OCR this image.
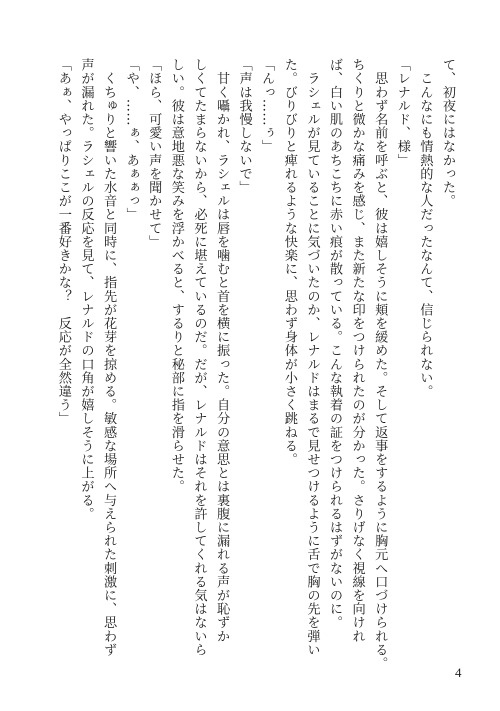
て、初夜にはなかった。
　こんなにも情熱的な人だったなんて、信じられない。
「レナルド、様」
　思わず名前を呼ぶと、彼は嬉しそうに頬を緩めた。そして返事をするように胸元へ口づけられる。
ちくりと微かな痛みを感じ、また新たな印をつけられたのが分かった。さりげなく視線を向けれ
ば、白い肌のあちこちに赤い痕が散っている。こんな執着の証をつけられるはずがないのに。
　ラシェルが見ていることに気づいたのか、レナルドはまるで見せつけるように舌で胸の先を弾い
た。びりびりと痺れるような快楽に、思わず身体が小さく跳ねる。
「んっ……ぅ」
「声は我慢しないで」
　甘く囁かれ、ラシェルは唇を噛むと首を横に振った。自分の意思とは裏腹に漏れる声が恥ずか
しくてたまらないから、必死に堪えているのだ。だが、レナルドはそれを許してくれる気はないら
しい。彼は意地悪な笑みを浮かべると、するりと秘部に指を滑らせた。
「ほら、可愛い声を聞かせて」
「や、……ぁ、あぁぁっ」
　くちゅりと響いた水音と同時に、指先が花芽を掠める。敏感な場所へ与えられた刺激に、思わず
声が漏れた。ラシェルの反応を見て、レナルドの口角が嬉しそうに上がる。
「あぁ、やっぱりここが一番好きかな？　反応が全然違う」
4
